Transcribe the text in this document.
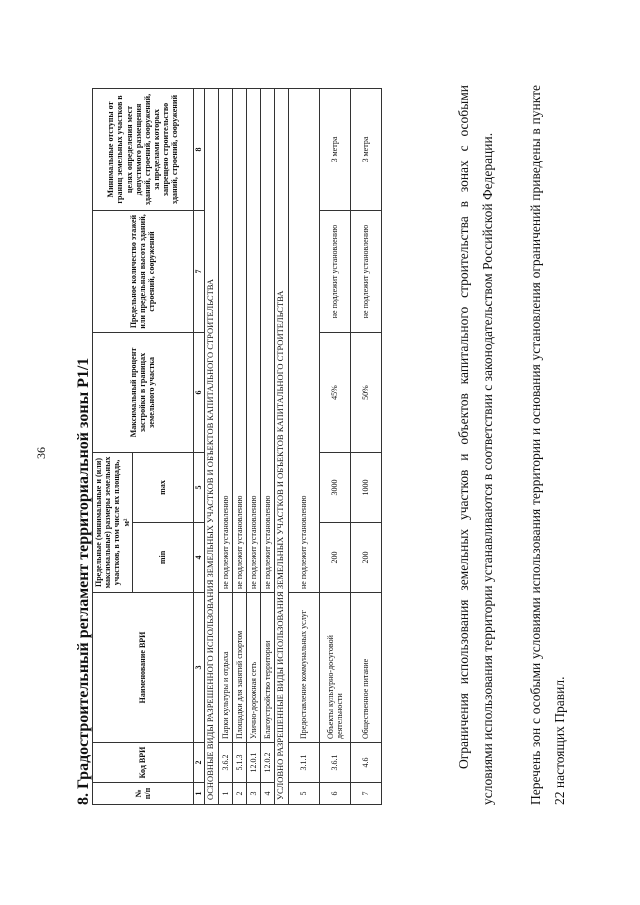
36 8. Градостроительный регламент территориальной зоны Р1/1	№ п/п	Код ВРИ	Наименование ВРИ	Предельные (минимальные и (или) максимальные) размеры земельных участков, в том числе их площадь, м²		Максимальный процент застройки в границах земельного участка	Предельное количество этажей или предельная высота зданий, строений, сооружений	Минимальные отступы от границ земельных участков в целях определения мест допустимого размещения зданий, строений, сооружений, за пределами которых запрещено строительство зданий, строений, сооружений
			min	max			
1	2	3	4	5	6	7	8
ОСНОВНЫЕ ВИДЫ РАЗРЕШЕННОГО ИСПОЛЬЗОВАНИЯ ЗЕМЕЛЬНЫХ УЧАСТКОВ И ОБЪЕКТОВ КАПИТАЛЬНОГО СТРОИТЕЛЬСТВА							
1	3.6.2	Парки культуры и отдыха	не подлежит установлению				
2	5.1.3	Площадки для занятий спортом	не подлежит установлению				
3	12.0.1	Улично-дорожная сеть	не подлежит установлению				
4	12.0.2	Благоустройство территории	не подлежит установлению				
УСЛОВНО РАЗРЕШЕННЫЕ ВИДЫ ИСПОЛЬЗОВАНИЯ ЗЕМЕЛЬНЫХ УЧАСТКОВ И ОБЪЕКТОВ КАПИТАЛЬНОГО СТРОИТЕЛЬСТВА							
5	3.1.1	Предоставление коммунальных услуг	не подлежит установлению				
6	3.6.1	Объекты культурно-досуговой деятельности	200	3000	45%	не подлежит установлению	3 метра
7	4.6	Общественное питание	200	1000	50%	не подлежит установлению	3 метра	Ограничения использования земельных участков и объектов капитального строительства в зонах с особыми условиями использования территории устанавливаются в соответствии с законодательством Российской Федерации.	Перечень зон с особыми условиями использования территории и основания установления ограничений приведены в пункте 22 настоящих Правил.
